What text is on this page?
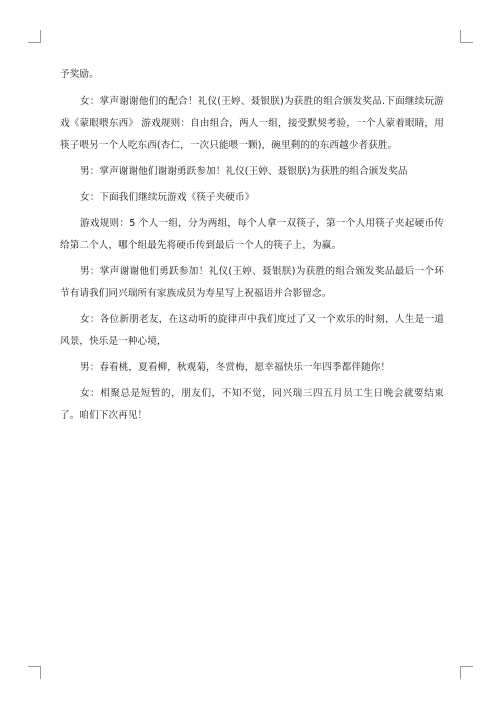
予奖励。

女：掌声谢谢他们的配合！礼仪(王婷、聂银朕)为获胜的组合颁发奖品.下面继续玩游戏《蒙眼喂东西》 游戏规则：自由组合，两人一组，接受默契考验，一个人蒙着眼睛，用筷子喂另一个人吃东西(杏仁，一次只能喂一颗)，碗里剩的的东西越少者获胜。

男：掌声谢谢他们谢谢勇跃参加！礼仪(王婷、聂银朕)为获胜的组合颁发奖品

女：下面我们继续玩游戏《筷子夹硬币》

游戏规则：5 个人一组，分为两组，每个人拿一双筷子，第一个人用筷子夹起硬币传给第二个人，哪个组最先将硬币传到最后一个人的筷子上，为赢。

男：掌声谢谢他们勇跃参加！礼仪(王婷、聂银朕)为获胜的组合颁发奖品最后一个环节有请我们同兴瑞所有家族成员为寿星写上祝福语并合影留念。

女：各位新朋老友，在这动听的旋律声中我们度过了又一个欢乐的时刻，人生是一道风景，快乐是一种心境，

男：春看桃，夏看柳，秋观菊，冬赏梅，愿幸福快乐一年四季都伴随你！

女：相聚总是短暂的，朋友们，不知不觉，同兴瑞三四五月员工生日晚会就要结束了。咱们下次再见！
